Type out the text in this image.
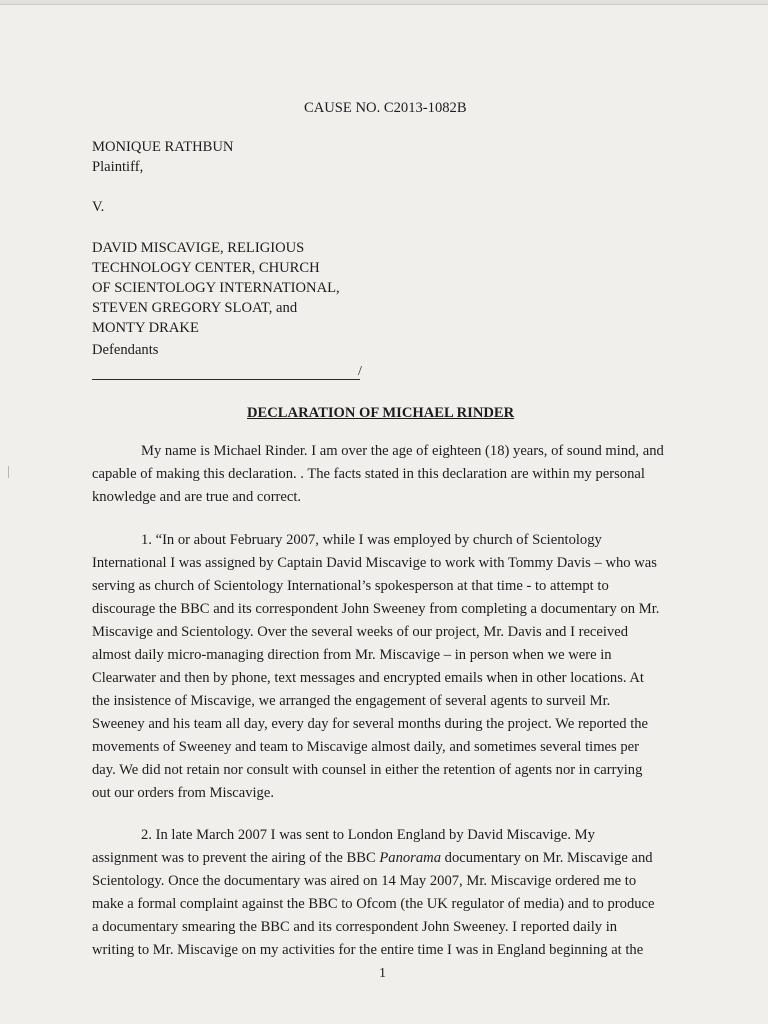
CAUSE NO. C2013-1082B
MONIQUE RATHBUN
Plaintiff,
V.
DAVID MISCAVIGE, RELIGIOUS
TECHNOLOGY CENTER, CHURCH
OF SCIENTOLOGY INTERNATIONAL,
STEVEN GREGORY SLOAT, and
MONTY DRAKE
Defendants
/
DECLARATION OF MICHAEL RINDER
My name is Michael Rinder. I am over the age of eighteen (18) years, of sound mind, and
capable of making this declaration. . The facts stated in this declaration are within my personal
knowledge and are true and correct.
1. “In or about February 2007, while I was employed by church of Scientology
International I was assigned by Captain David Miscavige to work with Tommy Davis – who was
serving as church of Scientology International’s spokesperson at that time - to attempt to
discourage the BBC and its correspondent John Sweeney from completing a documentary on Mr.
Miscavige and Scientology. Over the several weeks of our project, Mr. Davis and I received
almost daily micro-managing direction from Mr. Miscavige – in person when we were in
Clearwater and then by phone, text messages and encrypted emails when in other locations. At
the insistence of Miscavige, we arranged the engagement of several agents to surveil Mr.
Sweeney and his team all day, every day for several months during the project. We reported the
movements of Sweeney and team to Miscavige almost daily, and sometimes several times per
day. We did not retain nor consult with counsel in either the retention of agents nor in carrying
out our orders from Miscavige.
2. In late March 2007 I was sent to London England by David Miscavige. My
assignment was to prevent the airing of the BBC Panorama documentary on Mr. Miscavige and
Scientology. Once the documentary was aired on 14 May 2007, Mr. Miscavige ordered me to
make a formal complaint against the BBC to Ofcom (the UK regulator of media) and to produce
a documentary smearing the BBC and its correspondent John Sweeney. I reported daily in
writing to Mr. Miscavige on my activities for the entire time I was in England beginning at the
1
